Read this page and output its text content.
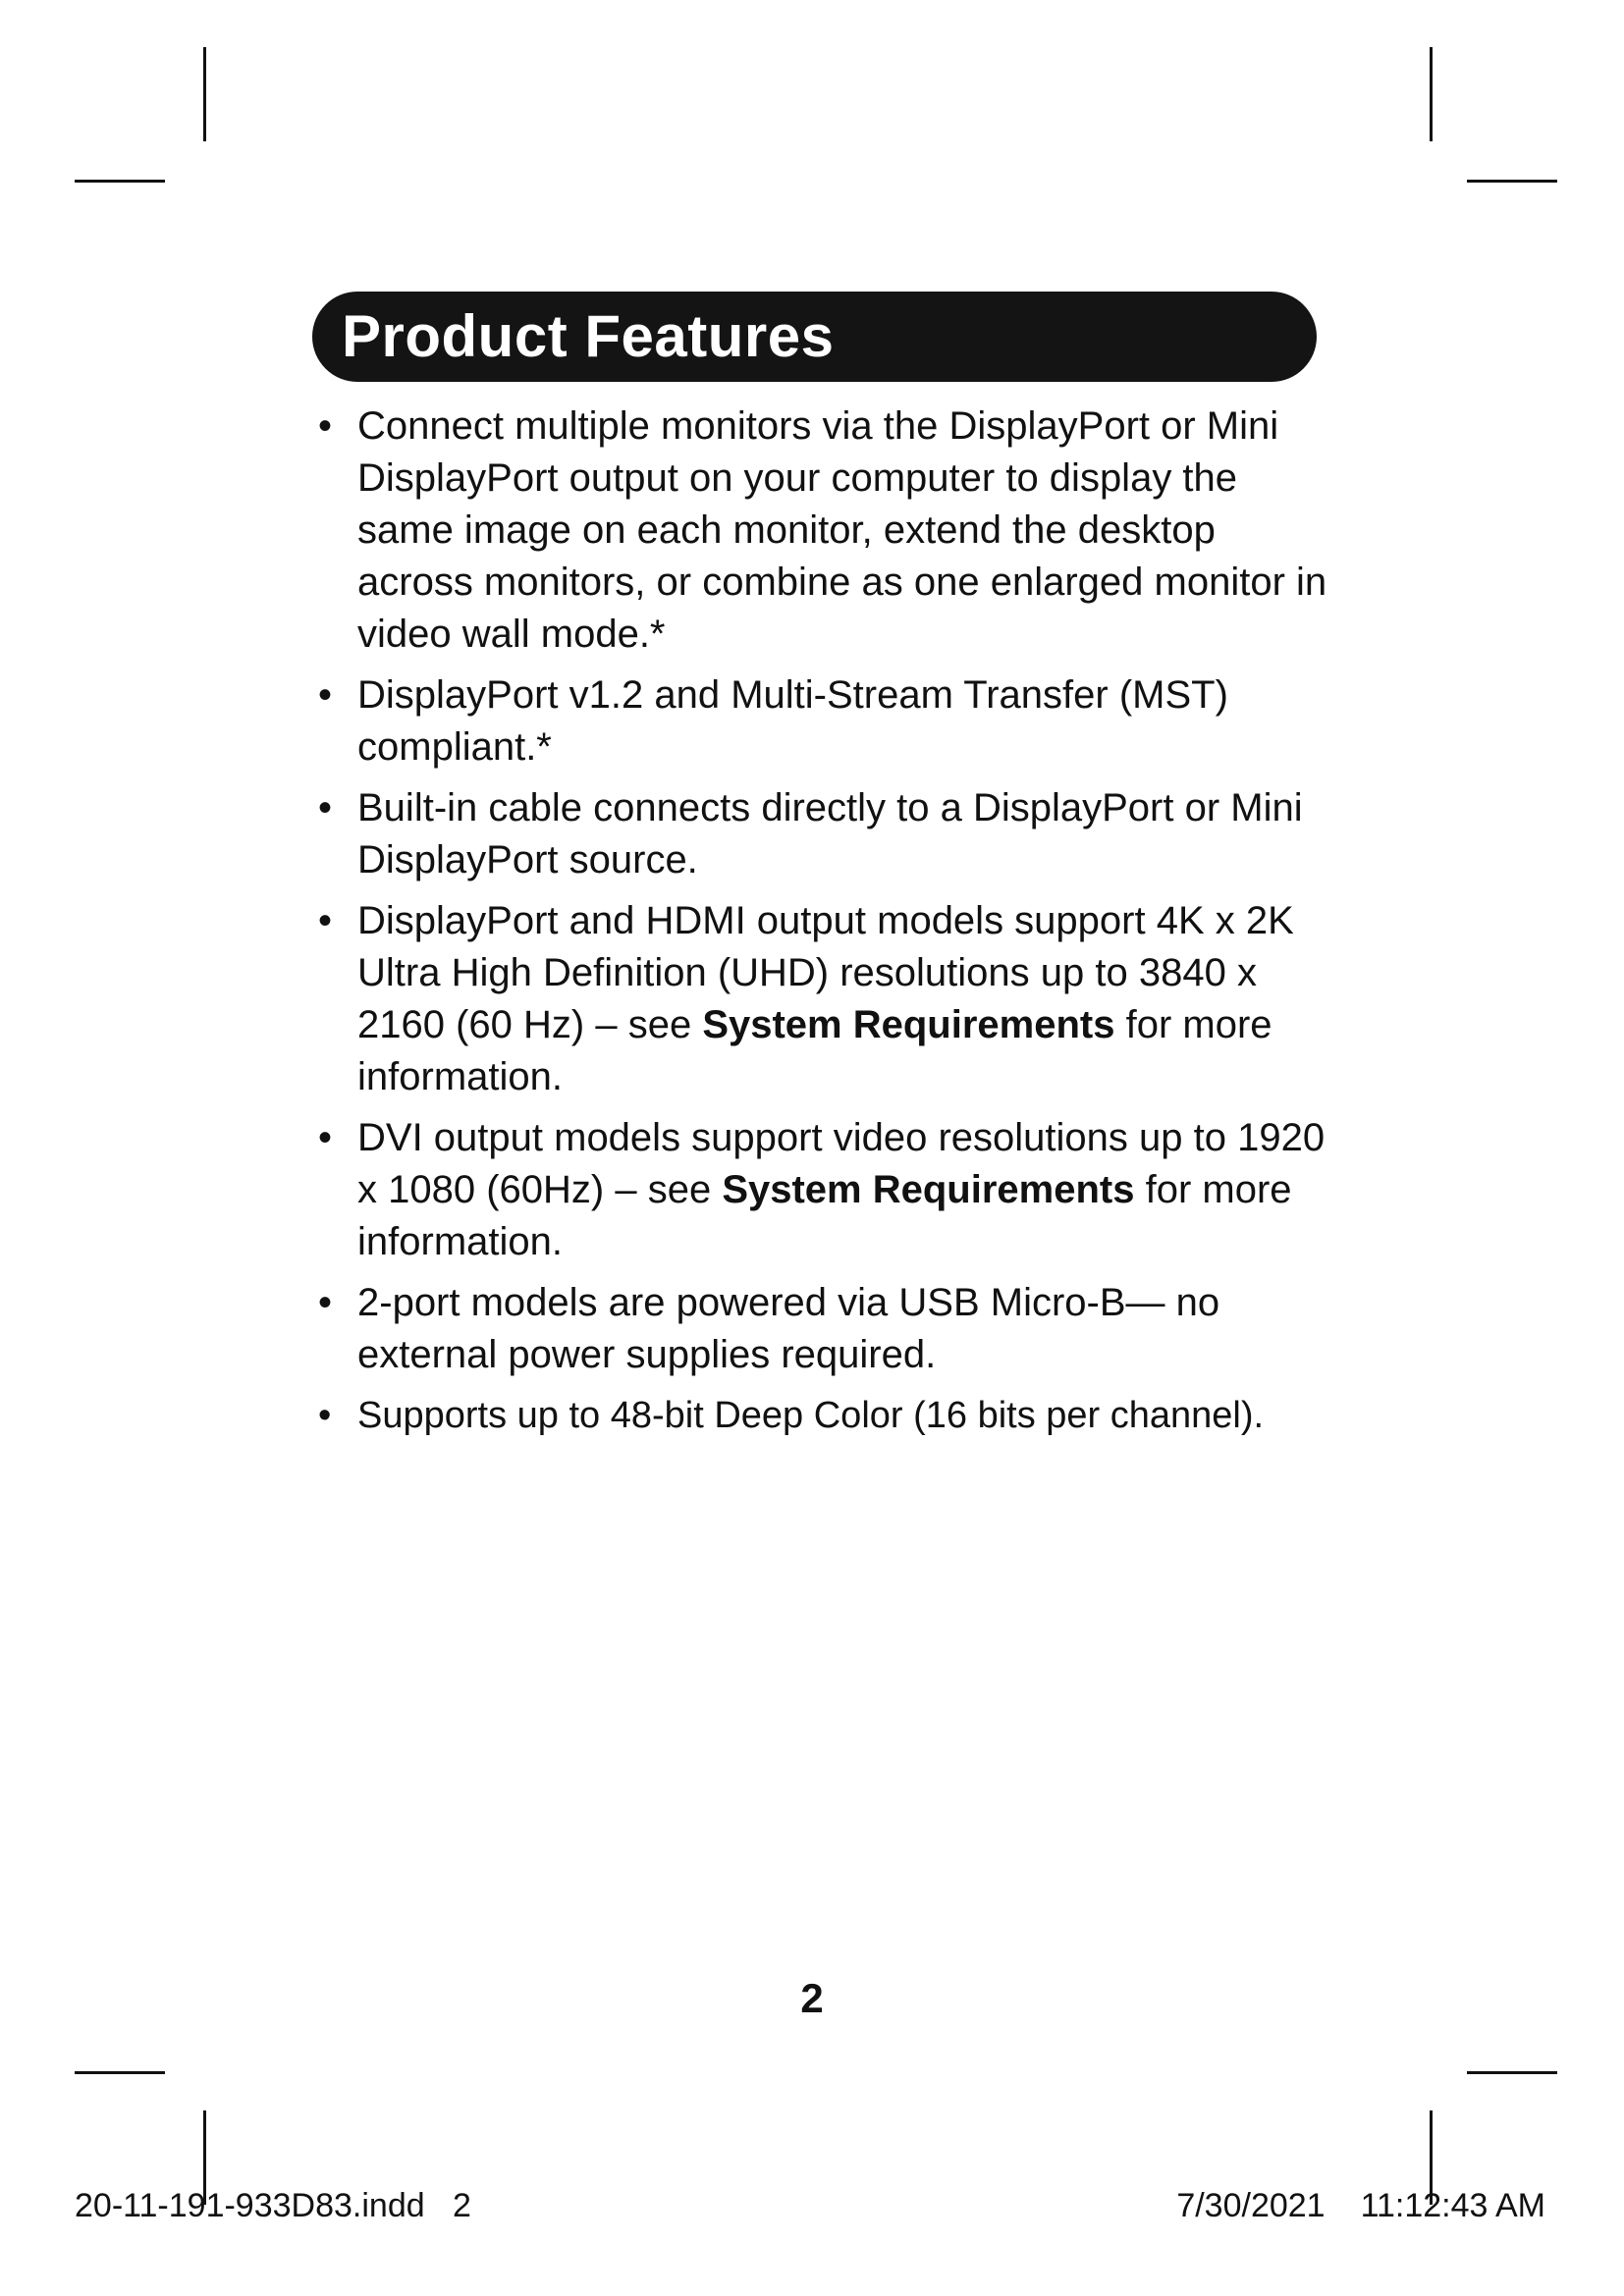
Product Features
• Connect multiple monitors via the DisplayPort or Mini DisplayPort output on your computer to display the same image on each monitor, extend the desktop across monitors, or combine as one enlarged monitor in video wall mode.*
• DisplayPort v1.2 and Multi-Stream Transfer (MST) compliant.*
• Built-in cable connects directly to a DisplayPort or Mini DisplayPort source.
• DisplayPort and HDMI output models support 4K x 2K Ultra High Definition (UHD) resolutions up to 3840 x 2160 (60 Hz) – see System Requirements for more information.
• DVI output models support video resolutions up to 1920 x 1080 (60Hz) – see System Requirements for more information.
• 2-port models are powered via USB Micro-B— no external power supplies required.
• Supports up to 48-bit Deep Color (16 bits per channel).
2
20-11-191-933D83.indd   2	7/30/2021 11:12:43 AM
